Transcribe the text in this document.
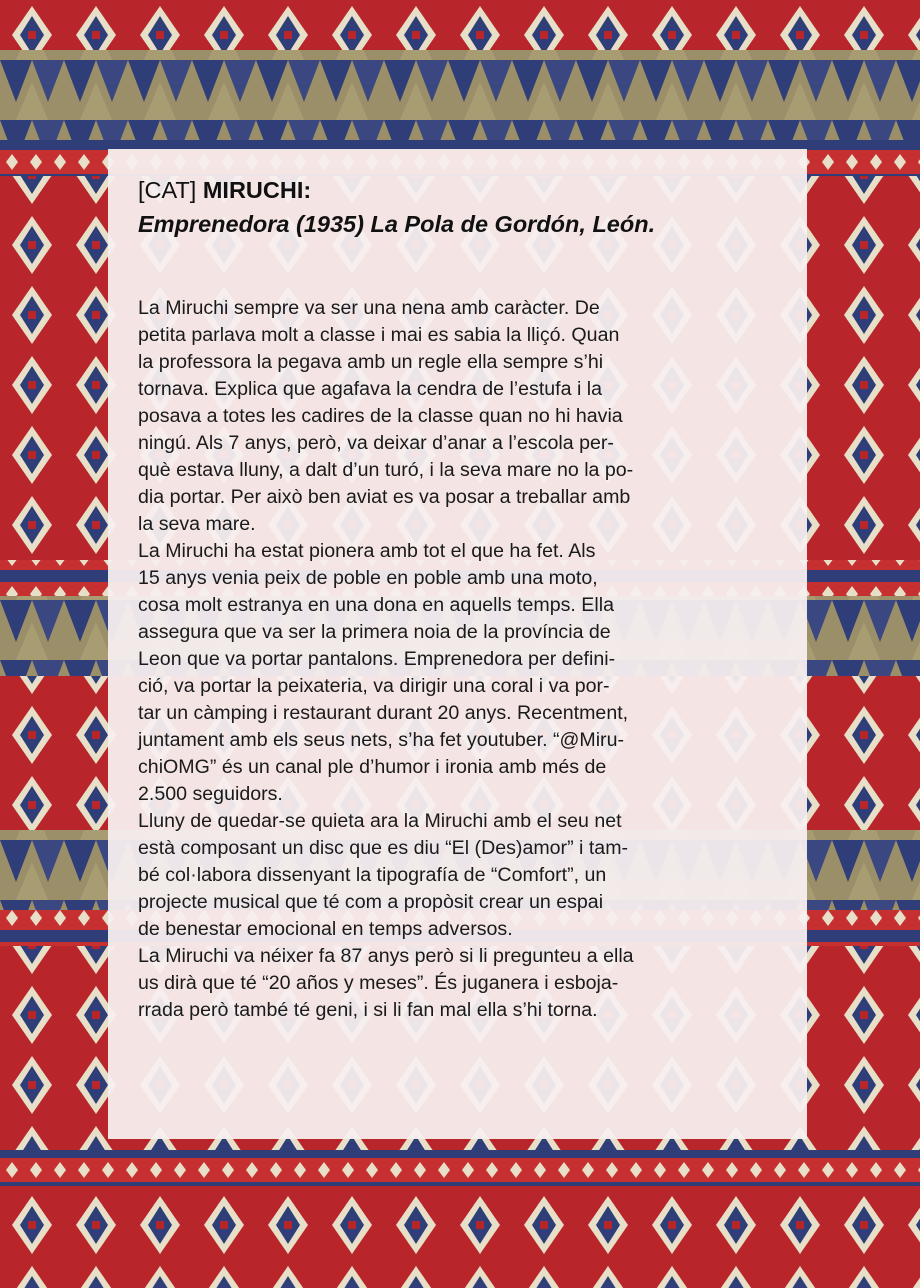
[CAT] MIRUCHI:

Emprenedora (1935) La Pola de Gordón, León.

La Miruchi sempre va ser una nena amb caràcter. De
petita parlava molt a classe i mai es sabia la lliçó. Quan
la professora la pegava amb un regle ella sempre s’hi
tornava. Explica que agafava la cendra de l’estufa i la
posava a totes les cadires de la classe quan no hi havia
ningú. Als 7 anys, però, va deixar d’anar a l’escola per-
què estava lluny, a dalt d’un turó, i la seva mare no la po-
dia portar. Per això ben aviat es va posar a treballar amb
la seva mare.
La Miruchi ha estat pionera amb tot el que ha fet. Als
15 anys venia peix de poble en poble amb una moto,
cosa molt estranya en una dona en aquells temps. Ella
assegura que va ser la primera noia de la província de
Leon que va portar pantalons. Emprenedora per defini-
ció, va portar la peixateria, va dirigir una coral i va por-
tar un càmping i restaurant durant 20 anys. Recentment,
juntament amb els seus nets, s’ha fet youtuber. “@Miru-
chiOMG” és un canal ple d’humor i ironia amb més de
2.500 seguidors.
Lluny de quedar-se quieta ara la Miruchi amb el seu net
està composant un disc que es diu “El (Des)amor” i tam-
bé col·labora dissenyant la tipografía de “Comfort”, un
projecte musical que té com a propòsit crear un espai
de benestar emocional en temps adversos.
La Miruchi va néixer fa 87 anys però si li pregunteu a ella
us dirà que té “20 años y meses”. És juganera i esboja-
rrada però també té geni, i si li fan mal ella s’hi torna.
